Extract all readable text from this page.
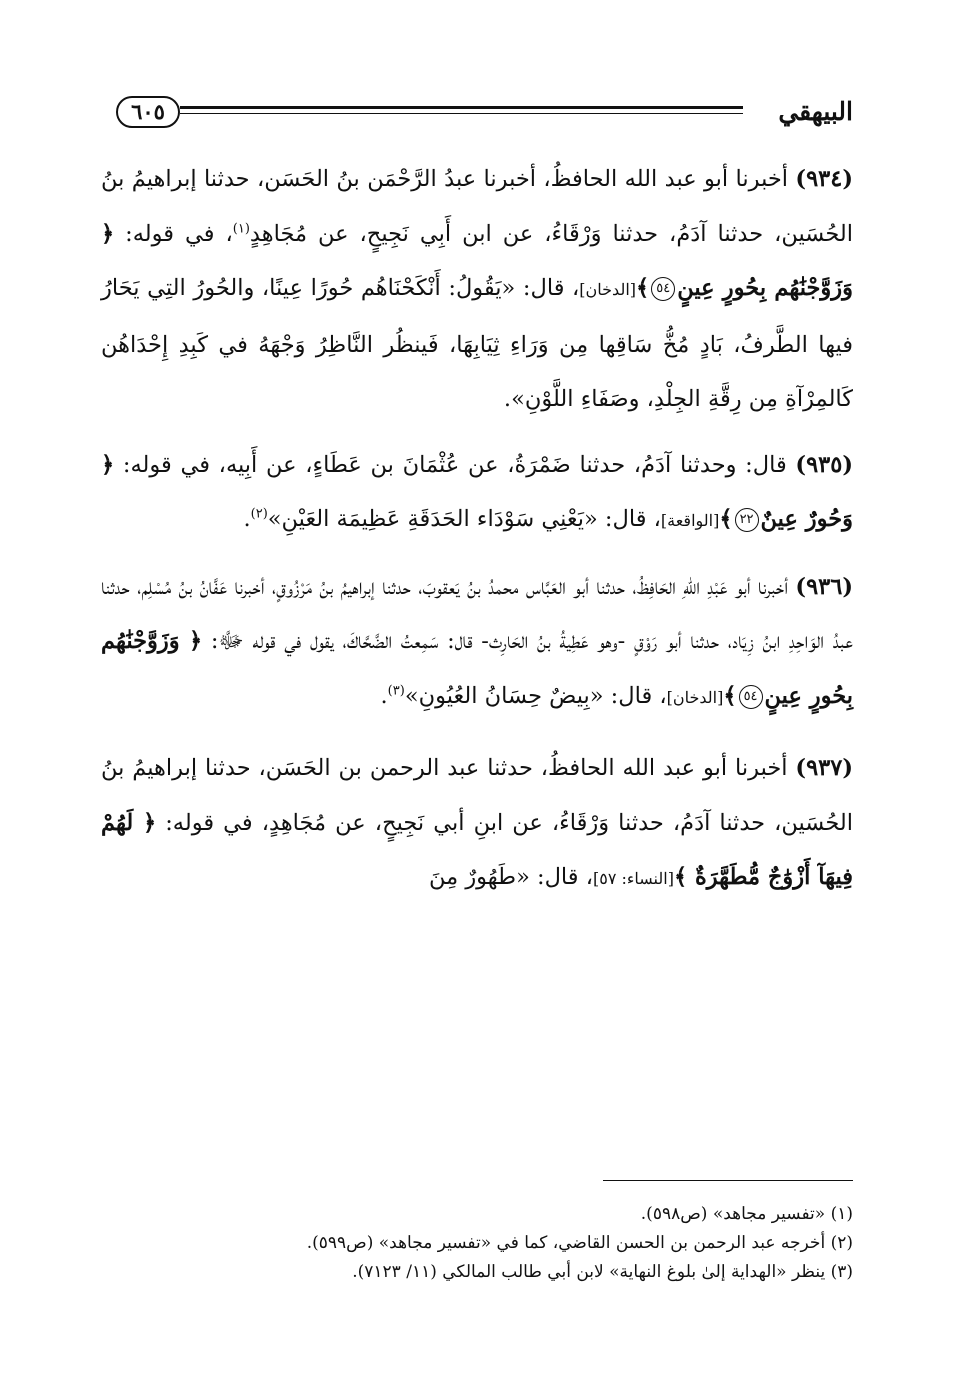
٦٠٥	البيهقي

(٩٣٤) أخبرنا أبو عبد الله الحافظُ، أخبرنا عبدُ الرَّحْمَن بنُ الحَسَن، حدثنا إبراهيمُ بنُ الحُسَين، حدثنا آدَمُ، حدثنا وَرْقَاءُ، عن ابن أَبِي نَجِيحٍ، عن مُجَاهِدٍ$^{(١)}$، في قوله: ﴿ وَزَوَّجْنَٰهُم بِحُورٍ عِينٍ٥٤﴾[الدخان]، قال: «يَقُولُ: أَنْكَحْنَاهُم حُورًا عِينًا، والحُورُ التِي يَحَارُ فيها الطَّرفُ، بَادٍ مُخُّ سَاقِها مِن وَرَاءِ ثِيَابِهَا، فَينظُر النَّاظِرُ وَجْهَهُ في كَبِدِ إِحْدَاهُن كَالمِرْآةِ مِن رِقَّةِ الجِلْدِ، وصَفَاءِ اللَّوْنِ».

(٩٣٥) قال: وحدثنا آدَمُ، حدثنا ضَمْرَةُ، عن عُثْمَانَ بن عَطَاءٍ، عن أَبِيه، في قوله: ﴿ وَحُورٌ عِينٌ٢٢﴾[الواقعة]، قال: «يَعْنِي سَوْدَاء الحَدَقَةِ عَظِيمَة العَيْنِ»$^{(٢)}$.

(٩٣٦) أخبرنا أبو عَبْدِ اللهِ الحَافِظُ، حدثنا أبو العَبَّاس محمدُ بنُ يَعقوبَ، حدثنا إبراهيمُ بنُ مَرْزُوقٍ، أخبرنا عَفَّانُ بنُ مُسْلِم، حدثنا عبدُ الوَاحِدِ ابنُ زِيَاد، حدثنا أبو رَوْقٍ -وهو عَطِيةُ بنُ الحَارِث- قال: سَمِعتُ الضَّحَّاكَ، يقول في قوله ﷻ: ﴿ وَزَوَّجْنَٰهُم بِحُورٍ عِينٍ٥٤﴾[الدخان]، قال: «بِيضٌ حِسَانُ العُيُونِ»$^{(٣)}$.

(٩٣٧) أخبرنا أبو عبد الله الحافظُ، حدثنا عبد الرحمن بن الحَسَن، حدثنا إبراهيمُ بنُ الحُسَين، حدثنا آدَمُ، حدثنا وَرْقَاءُ، عن ابنِ أبي نَجِيحٍ، عن مُجَاهِدٍ، في قوله: ﴿ لَهُمْ فِيهَآ أَزْوَٰجٌ مُّطَهَّرَةٌ ﴾[النساء: ٥٧]، قال: «طَهُورٌ مِنَ

(١) «تفسير مجاهد» (ص٥٩٨).
(٢) أخرجه عبد الرحمن بن الحسن القاضي، كما في «تفسير مجاهد» (ص٥٩٩).
(٣) ينظر «الهداية إلىٰ بلوغ النهاية» لابن أبي طالب المالكي (١١/ ٧١٢٣).
